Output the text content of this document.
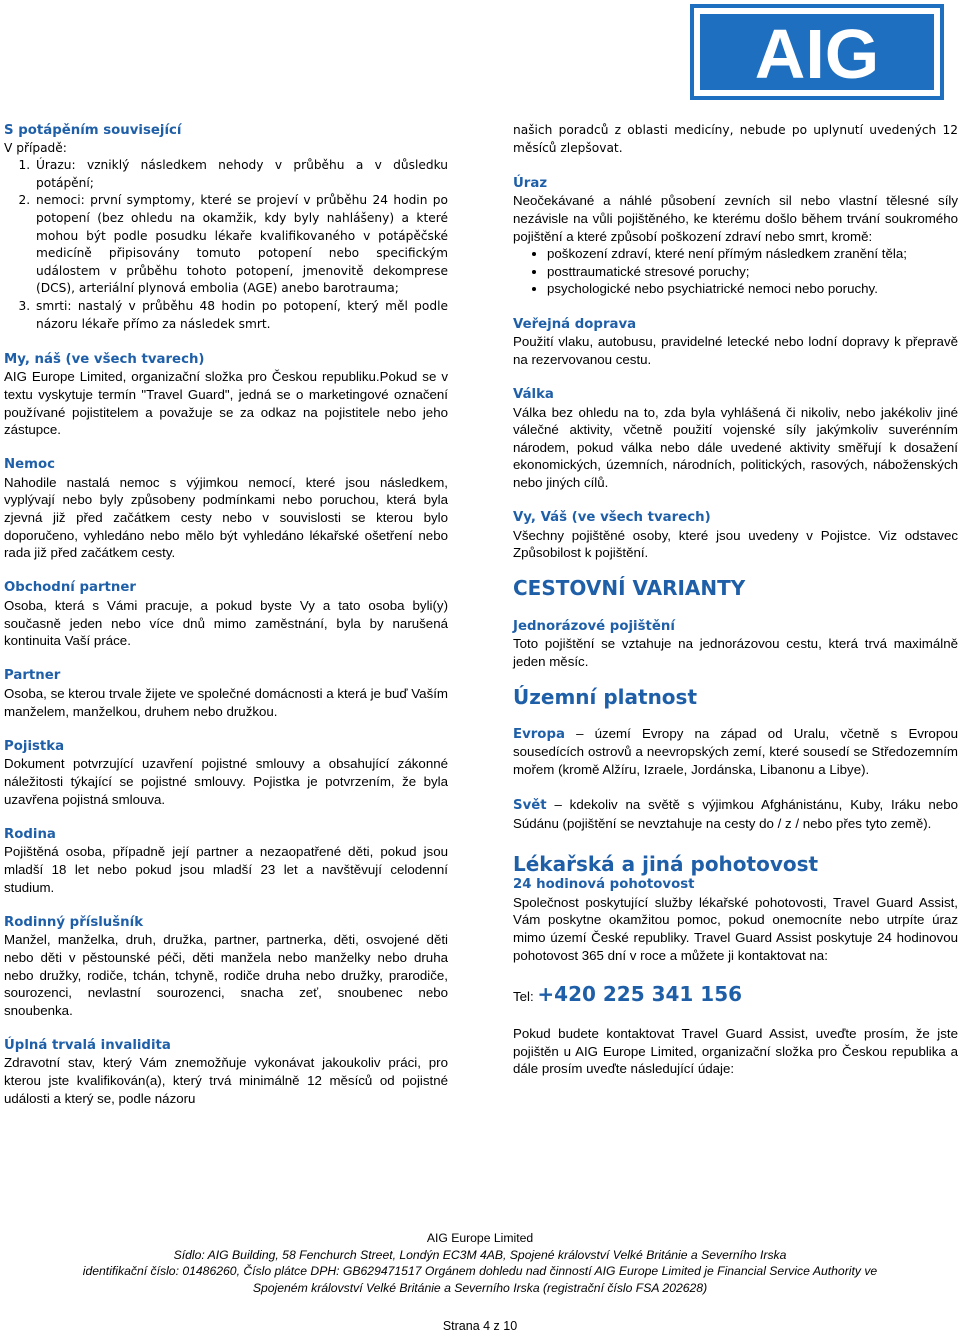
AIG

S potápěním související

V případě:

1. Úrazu: vzniklý následkem nehody v průběhu a v důsledku potápění;
2. nemoci: první symptomy, které se projeví v průběhu 24 hodin po potopení (bez ohledu na okamžik, kdy byly nahlášeny) a které mohou být podle posudku lékaře kvalifikovaného v potápěčské medicíně připisovány tomuto potopení nebo specifickým událostem v průběhu tohoto potopení, jmenovitě dekomprese (DCS), arteriální plynová embolia (AGE) anebo barotrauma;
3. smrti: nastalý v průběhu 48 hodin po potopení, který měl podle názoru lékaře přímo za následek smrt.

My, náš (ve všech tvarech)

AIG Europe Limited, organizační složka pro Českou republiku.Pokud se v textu vyskytuje termín "Travel Guard", jedná se o marketingové označení používané pojistitelem a považuje se za odkaz na pojistitele nebo jeho zástupce.

Nemoc

Nahodile nastalá nemoc s výjimkou nemocí, které jsou následkem, vyplývají nebo byly způsobeny podmínkami nebo poruchou, která byla zjevná již před začátkem cesty nebo v souvislosti se kterou bylo doporučeno, vyhledáno nebo mělo být vyhledáno lékařské ošetření nebo rada již před začátkem cesty.

Obchodní partner

Osoba, která s Vámi pracuje, a pokud byste Vy a tato osoba byli(y) současně jeden nebo více dnů mimo zaměstnání, byla by narušená kontinuita Vaší práce.

Partner

Osoba, se kterou trvale žijete ve společné domácnosti a která je buď Vaším manželem, manželkou, druhem nebo družkou.

Pojistka

Dokument potvrzující uzavření pojistné smlouvy a obsahující zákonné náležitosti týkající se pojistné smlouvy. Pojistka je potvrzením, že byla uzavřena pojistná smlouva.

Rodina

Pojištěná osoba, případně její partner a nezaopatřené děti, pokud jsou mladší 18 let nebo pokud jsou mladší 23 let a navštěvují celodenní studium.

Rodinný příslušník

Manžel, manželka, druh, družka, partner, partnerka, děti, osvojené děti nebo děti v pěstounské péči, děti manžela nebo manželky nebo druha nebo družky, rodiče, tchán, tchyně, rodiče druha nebo družky, prarodiče, sourozenci, nevlastní sourozenci, snacha zeť, snoubenec nebo snoubenka.

Úplná trvalá invalidita

Zdravotní stav, který Vám znemožňuje vykonávat jakoukoliv práci, pro kterou jste kvalifikován(a), který trvá minimálně 12 měsíců od pojistné události a který se, podle názoru

našich poradců z oblasti medicíny, nebude po uplynutí uvedených 12 měsíců zlepšovat.

Úraz

Neočekávané a náhlé působení zevních sil nebo vlastní tělesné síly nezávisle na vůli pojištěného, ke kterému došlo během trvání soukromého pojištění a které způsobí poškození zdraví nebo smrt, kromě:

• poškození zdraví, které není přímým následkem zranění těla;
• posttraumatické stresové poruchy;
• psychologické nebo psychiatrické nemoci nebo poruchy.

Veřejná doprava

Použití vlaku, autobusu, pravidelné letecké nebo lodní dopravy k přepravě na rezervovanou cestu.

Válka

Válka bez ohledu na to, zda byla vyhlášená či nikoliv, nebo jakékoliv jiné válečné aktivity, včetně použití vojenské síly jakýmkoliv suverénním národem, pokud válka nebo dále uvedené aktivity směřují k dosažení ekonomických, územních, národních, politických, rasových, náboženských nebo jiných cílů.

Vy, Váš (ve všech tvarech)

Všechny pojištěné osoby, které jsou uvedeny v Pojistce. Viz odstavec Způsobilost k pojištění.

CESTOVNÍ VARIANTY

Jednorázové pojištění

Toto pojištění se vztahuje na jednorázovou cestu, která trvá maximálně jeden měsíc.

Územní platnost

Evropa – území Evropy na západ od Uralu, včetně s Evropou sousedících ostrovů a neevropských zemí, které sousedí se Středozemním mořem (kromě Alžíru, Izraele, Jordánska, Libanonu a Libye).

Svět – kdekoliv na světě s výjimkou Afghánistánu, Kuby, Iráku nebo Súdánu (pojištění se nevztahuje na cesty do / z / nebo přes tyto země).

Lékařská a jiná pohotovost

24 hodinová pohotovost

Společnost poskytující služby lékařské pohotovosti, Travel Guard Assist, Vám poskytne okamžitou pomoc, pokud onemocníte nebo utrpíte úraz mimo území České republiky. Travel Guard Assist poskytuje 24 hodinovou pohotovost 365 dní v roce a můžete ji kontaktovat na:

Tel: +420 225 341 156

Pokud budete kontaktovat Travel Guard Assist, uveďte prosím, že jste pojištěn u AIG Europe Limited, organizační složka pro Českou republika a dále prosím uveďte následující údaje:

AIG Europe Limited
Sídlo: AIG Building, 58 Fenchurch Street, Londýn EC3M 4AB, Spojené království Velké Británie a Severního Irska
identifikační číslo: 01486260, Číslo plátce DPH: GB629471517 Orgánem dohledu nad činností AIG Europe Limited je Financial Service Authority ve
Spojeném království Velké Británie a Severního Irska (registrační číslo FSA 202628)
Strana 4 z 10
